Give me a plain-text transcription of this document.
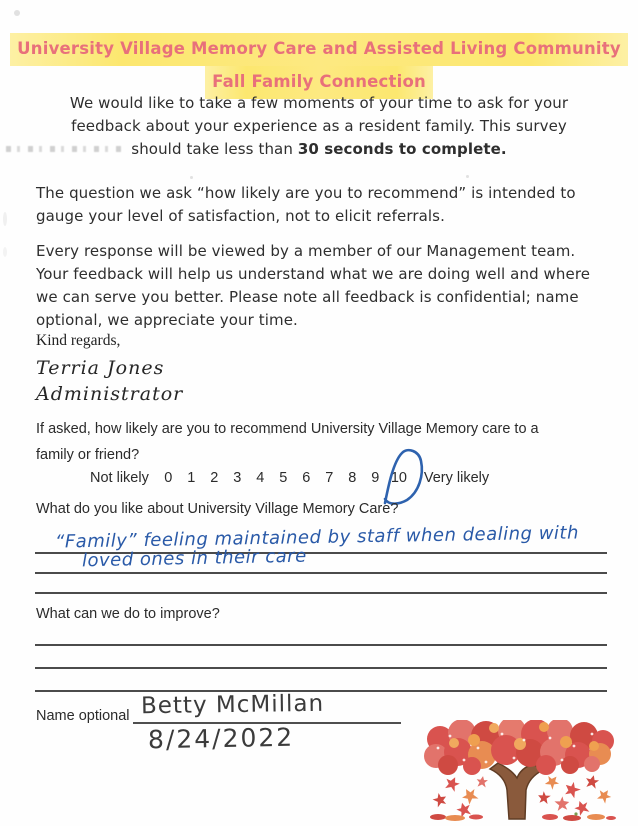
University Village Memory Care and Assisted Living Community
Fall Family Connection
We would like to take a few moments of your time to ask for your feedback about your experience as a resident family. This survey should take less than 30 seconds to complete.
The question we ask “how likely are you to recommend” is intended to gauge your level of satisfaction, not to elicit referrals.
Every response will be viewed by a member of our Management team. Your feedback will help us understand what we are doing well and where we can serve you better. Please note all feedback is confidential; name optional, we appreciate your time.
Kind regards,
Terria Jones
Administrator
If asked, how likely are you to recommend University Village Memory care to a family or friend?
Not likely 0 1 2 3 4 5 6 7 8 9 10 Very likely
What do you like about University Village Memory Care?
“Family” feeling maintained by staff when dealing with
loved ones in their care
What can we do to improve?
Name optional Betty McMillan
8/24/2022
